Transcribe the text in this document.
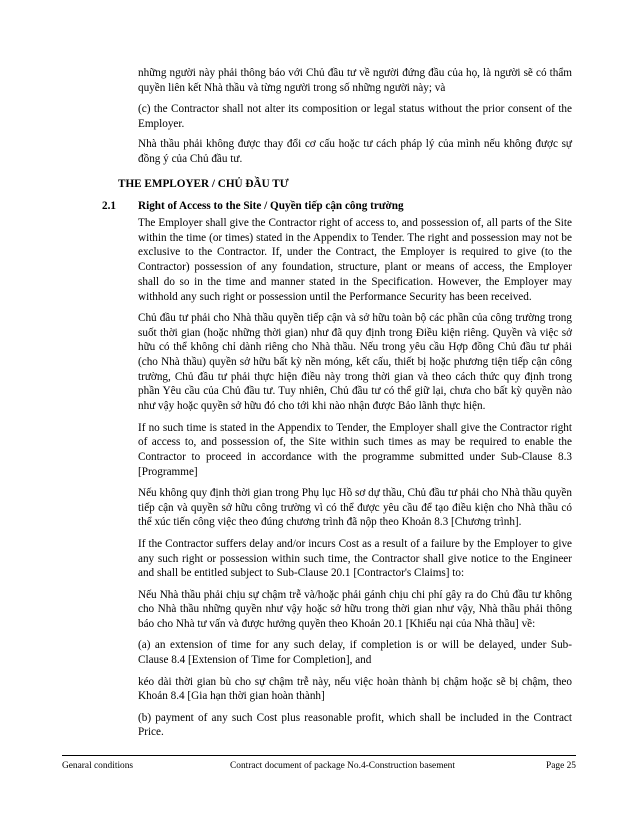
những người này phải thông báo với Chủ đầu tư về người đứng đầu của họ, là người sẽ có thẩm quyền liên kết Nhà thầu và từng người trong số những người này; và

(c) the Contractor shall not alter its composition or legal status without the prior consent of the Employer.

Nhà thầu phải không được thay đổi cơ cấu hoặc tư cách pháp lý của mình nếu không được sự đồng ý của Chủ đầu tư.

THE EMPLOYER / CHỦ ĐẦU TƯ
2.1 Right of Access to the Site / Quyền tiếp cận công trường

The Employer shall give the Contractor right of access to, and possession of, all parts of the Site within the time (or times) stated in the Appendix to Tender. The right and possession may not be exclusive to the Contractor. If, under the Contract, the Employer is required to give (to the Contractor) possession of any foundation, structure, plant or means of access, the Employer shall do so in the time and manner stated in the Specification. However, the Employer may withhold any such right or possession until the Performance Security has been received.

Chủ đầu tư phải cho Nhà thầu quyền tiếp cận và sở hữu toàn bộ các phần của công trường trong suốt thời gian (hoặc những thời gian) như đã quy định trong Điều kiện riêng. Quyền và việc sở hữu có thể không chỉ dành riêng cho Nhà thầu. Nếu trong yêu cầu Hợp đồng Chủ đầu tư phải (cho Nhà thầu) quyền sở hữu bất kỳ nền móng, kết cấu, thiết bị hoặc phương tiện tiếp cận công trường, Chủ đầu tư phải thực hiện điều này trong thời gian và theo cách thức quy định trong phần Yêu cầu của Chủ đầu tư. Tuy nhiên, Chủ đầu tư có thể giữ lại, chưa cho bất kỳ quyền nào như vậy hoặc quyền sở hữu đó cho tới khi nào nhận được Bảo lãnh thực hiện.

If no such time is stated in the Appendix to Tender, the Employer shall give the Contractor right of access to, and possession of, the Site within such times as may be required to enable the Contractor to proceed in accordance with the programme submitted under Sub-Clause 8.3 [Programme]

Nếu không quy định thời gian trong Phụ lục Hồ sơ dự thầu, Chủ đầu tư phải cho Nhà thầu quyền tiếp cận và quyền sở hữu công trường vì có thể được yêu cầu để tạo điều kiện cho Nhà thầu có thể xúc tiến công việc theo đúng chương trình đã nộp theo Khoản 8.3 [Chương trình].

If the Contractor suffers delay and/or incurs Cost as a result of a failure by the Employer to give any such right or possession within such time, the Contractor shall give notice to the Engineer and shall be entitled subject to Sub-Clause 20.1 [Contractor's Claims] to:

Nếu Nhà thầu phải chịu sự chậm trễ và/hoặc phải gánh chịu chi phí gây ra do Chủ đầu tư không cho Nhà thầu những quyền như vậy hoặc sở hữu trong thời gian như vậy, Nhà thầu phải thông báo cho Nhà tư vấn và được hưởng quyền theo Khoản 20.1 [Khiếu nại của Nhà thầu] về:

(a) an extension of time for any such delay, if completion is or will be delayed, under Sub-Clause 8.4 [Extension of Time for Completion], and

kéo dài thời gian bù cho sự chậm trễ này, nếu việc hoàn thành bị chậm hoặc sẽ bị chậm, theo Khoản 8.4 [Gia hạn thời gian hoàn thành]

(b) payment of any such Cost plus reasonable profit, which shall be included in the Contract Price.

Genaral conditions	Contract document of package No.4-Construction basement	Page 25
